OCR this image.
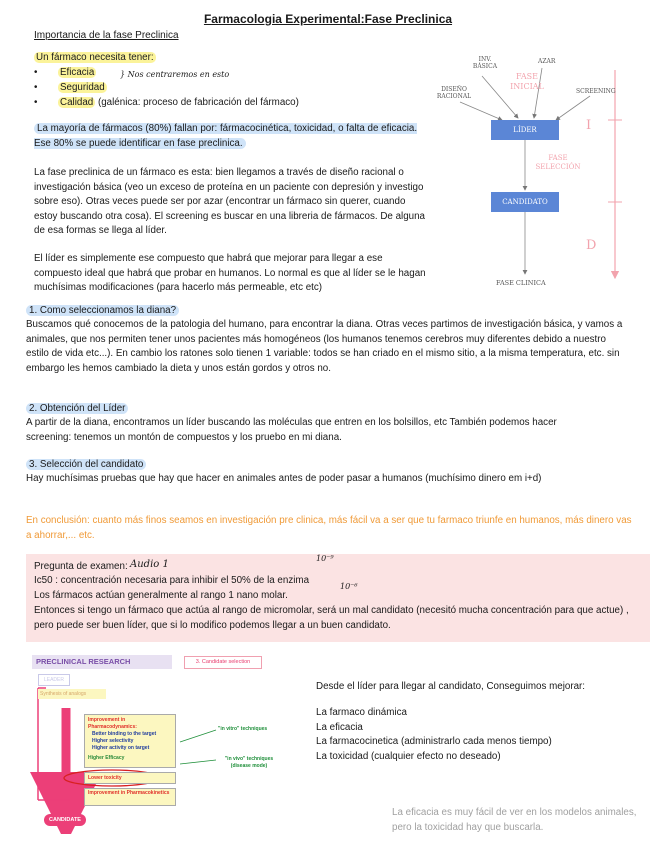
Farmacologia Experimental:Fase Preclinica
Importancia de la fase Preclinica
Un fármaco necesita tener:
• Eficacia
• Seguridad
• Calidad (galénica: proceso de fabricación del fármaco)
} Nos centraremos en esto
La mayoría de fármacos (80%) fallan por: fármacocinética, toxicidad, o falta de eficacia. Ese 80% se puede identificar en fase preclinica.
La fase preclinica de un fármaco es esta: bien llegamos a través de diseño racional o investigación básica (veo un exceso de proteína en un paciente con depresión y investigo sobre eso). Otras veces puede ser por azar (encontrar un fármaco sin querer, cuando estoy buscando otra cosa). El screening es buscar en una libreria de fármacos. De alguna de esa formas se llega al líder.
El líder es simplemente ese compuesto que habrá que mejorar para llegar a ese compuesto ideal que habrá que probar en humanos. Lo normal es que al líder se le hagan muchísimas modificaciones (para hacerlo más permeable, etc etc)
INV. BÁSICA
AZAR
FASE INICIAL
DISEÑO RACIONAL
SCREENING
LÍDER	I
FASE SELECCIÓN
CANDIDATO
D
FASE CLINICA
1. Como seleccionamos la diana?
Buscamos qué conocemos de la patologia del humano, para encontrar la diana. Otras veces partimos de investigación básica, y vamos a animales, que nos permiten tener unos pacientes más homogéneos (los humanos tenemos cerebros muy diferentes debido a nuestro estilo de vida etc...). En cambio los ratones solo tienen 1 variable: todos se han criado en el mismo sitio, a la misma temperatura, etc. sin embargo les hemos cambiado la dieta y unos están gordos y otros no.
2. Obtención del Líder
A partir de la diana, encontramos un líder buscando las moléculas que entren en los bolsillos, etc También podemos hacer screening: tenemos un montón de compuestos y los pruebo en mi diana.
3. Selección del candidato
Hay muchísimas pruebas que hay que hacer en animales antes de poder pasar a humanos (muchísimo dinero em i+d)
En conclusión: cuanto más finos seamos en investigación pre clinica, más fácil va a ser que tu farmaco triunfe en humanos, más dinero vas a ahorrar,... etc.
Pregunta de examen: Audio 1
10⁻⁹
Ic50 : concentración necesaria para inhibir el 50% de la enzima
Los fármacos actúan generalmente al rango 1 nano molar.
10⁻⁶
Entonces si tengo un fármaco que actúa al rango de micromolar, será un mal candidato (necesitó mucha concentración para que actue) , pero puede ser buen líder, que si lo modifico podemos llegar a un buen candidato.
PRECLINICAL RESEARCH	3. Candidate selection
LEADER
Synthesis of analogs
OPTIMIZATION	Improvement in Pharmacodynamics:
Better binding to the target
Higher selectivity
Higher activity on target
Higher Efficacy
Lower toxicity
Improvement in Pharmacokinetics
"in vitro" techniques
"in vivo" techniques (disease mode)
CANDIDATE
Desde el líder para llegar al candidato, Conseguimos mejorar:
La farmaco dinámica
La eficacia
La farmacocinetica (administrarlo cada menos tiempo)
La toxicidad (cualquier efecto no deseado)
La eficacia es muy fácil de ver en los modelos animales, pero la toxicidad hay que buscarla.
